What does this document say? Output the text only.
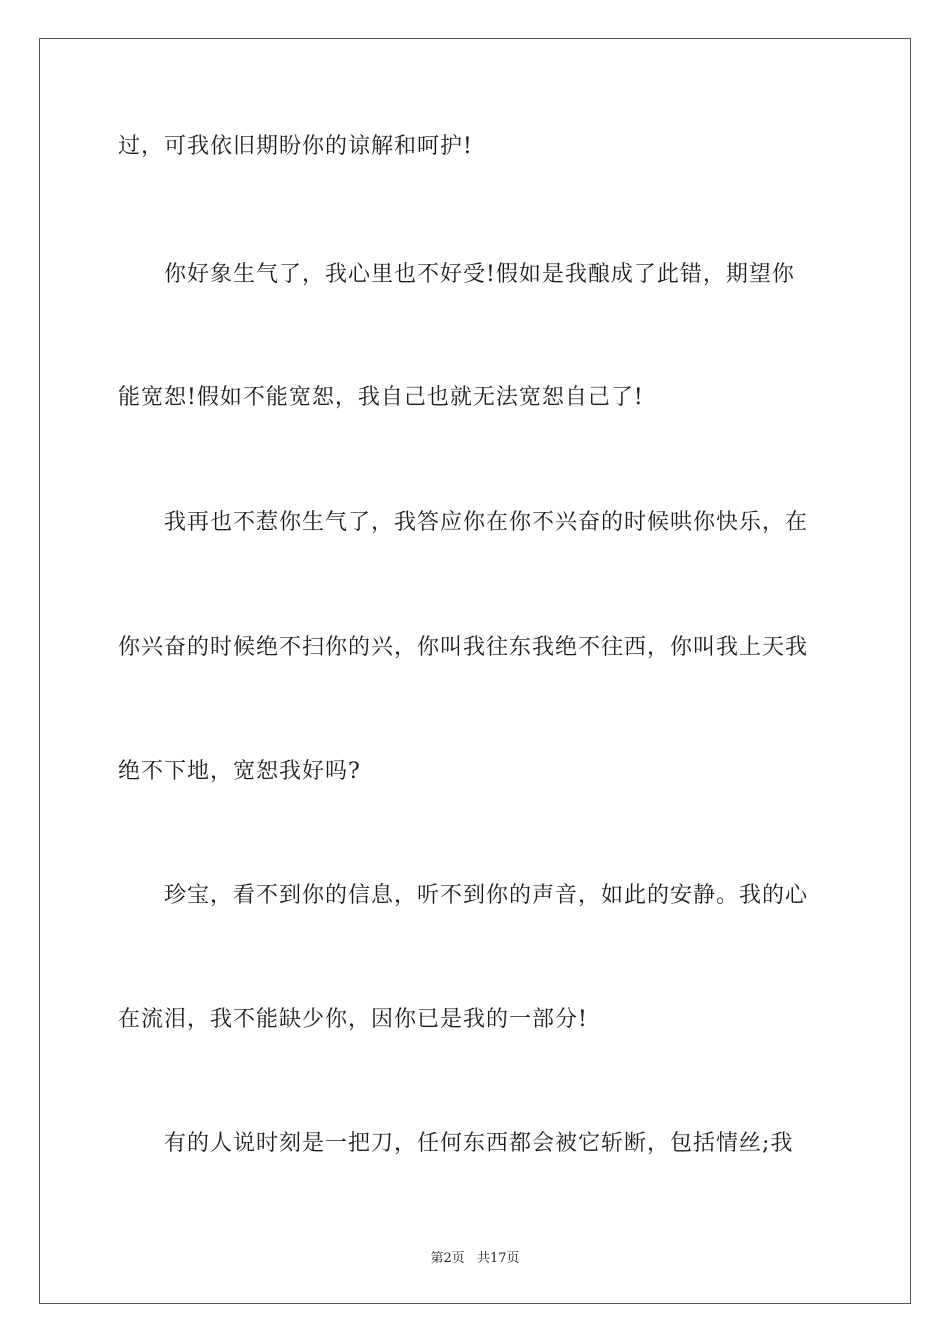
过，可我依旧期盼你的谅解和呵护!
你好象生气了，我心里也不好受!假如是我酿成了此错，期望你
能宽恕!假如不能宽恕，我自己也就无法宽恕自己了!
我再也不惹你生气了，我答应你在你不兴奋的时候哄你快乐，在
你兴奋的时候绝不扫你的兴，你叫我往东我绝不往西，你叫我上天我
绝不下地，宽恕我好吗?
珍宝，看不到你的信息，听不到你的声音，如此的安静。我的心
在流泪，我不能缺少你，因你已是我的一部分!
有的人说时刻是一把刀，任何东西都会被它斩断，包括情丝;我
第2页 共17页
